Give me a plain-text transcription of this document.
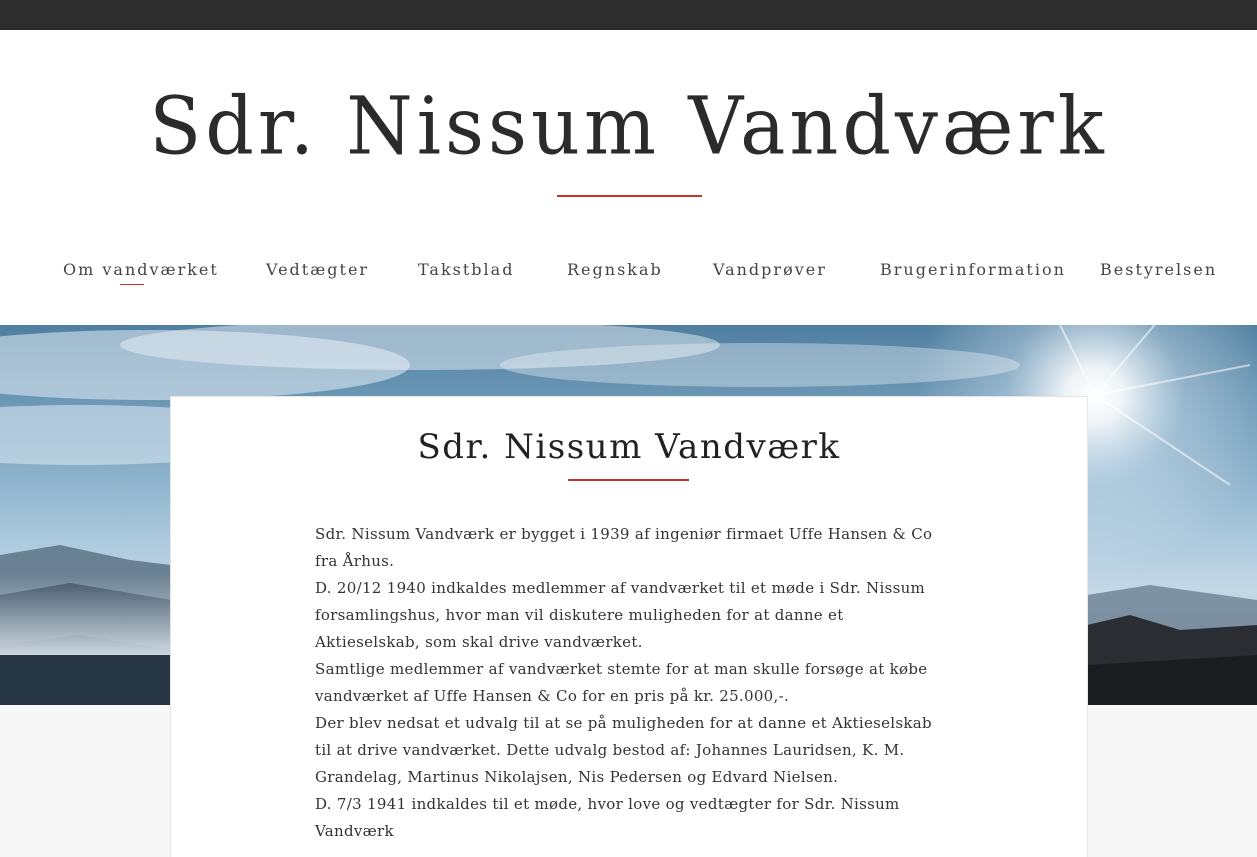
Sdr. Nissum Vandværk
Om vandværket	Vedtægter	Takstblad	Regnskab	Vandprøver	Brugerinformation Bestyrelsen
Sdr. Nissum Vandværk

Sdr. Nissum Vandværk er bygget i 1939 af ingeniør firmaet Uffe Hansen & Co fra Århus.

D. 20/12 1940 indkaldes medlemmer af vandværket til et møde i Sdr. Nissum forsamlingshus, hvor man vil diskutere muligheden for at danne et Aktieselskab, som skal drive vandværket.

Samtlige medlemmer af vandværket stemte for at man skulle forsøge at købe vandværket af Uffe Hansen & Co for en pris på kr. 25.000,-.

Der blev nedsat et udvalg til at se på muligheden for at danne et Aktieselskab til at drive vandværket. Dette udvalg bestod af: Johannes Lauridsen, K. M. Grandelag, Martinus Nikolajsen, Nis Pedersen og Edvard Nielsen.

D. 7/3 1941 indkaldes til et møde, hvor love og vedtægter for Sdr. Nissum Vandværk
